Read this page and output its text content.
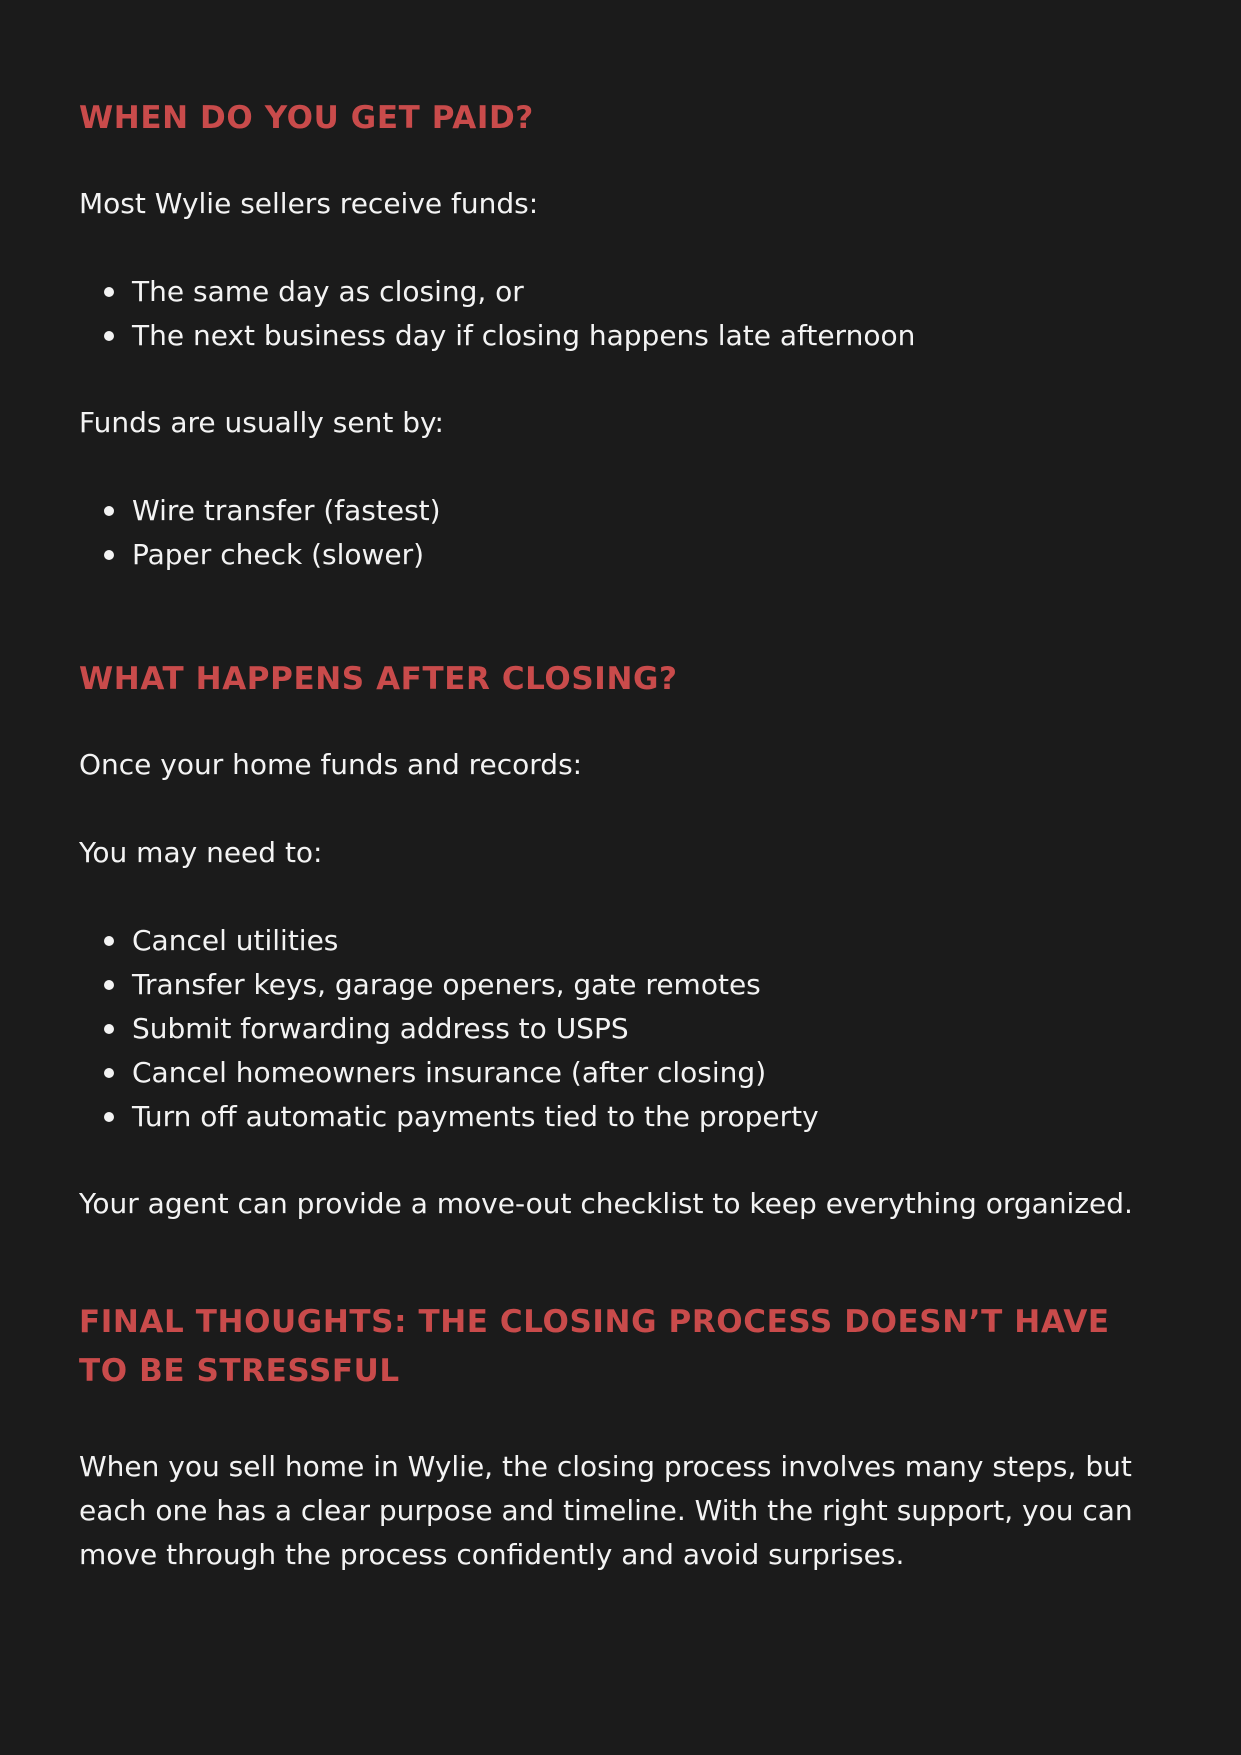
WHEN DO YOU GET PAID?

Most Wylie sellers receive funds:

The same day as closing, or
The next business day if closing happens late afternoon

Funds are usually sent by:

Wire transfer (fastest)
Paper check (slower)
WHAT HAPPENS AFTER CLOSING?

Once your home funds and records:

You may need to:

Cancel utilities
Transfer keys, garage openers, gate remotes
Submit forwarding address to USPS
Cancel homeowners insurance (after closing)
Turn off automatic payments tied to the property

Your agent can provide a move-out checklist to keep everything organized.

FINAL THOUGHTS: THE CLOSING PROCESS DOESN’T HAVE TO BE STRESSFUL

When you sell home in Wylie, the closing process involves many steps, but each one has a clear purpose and timeline. With the right support, you can move through the process confidently and avoid surprises.
